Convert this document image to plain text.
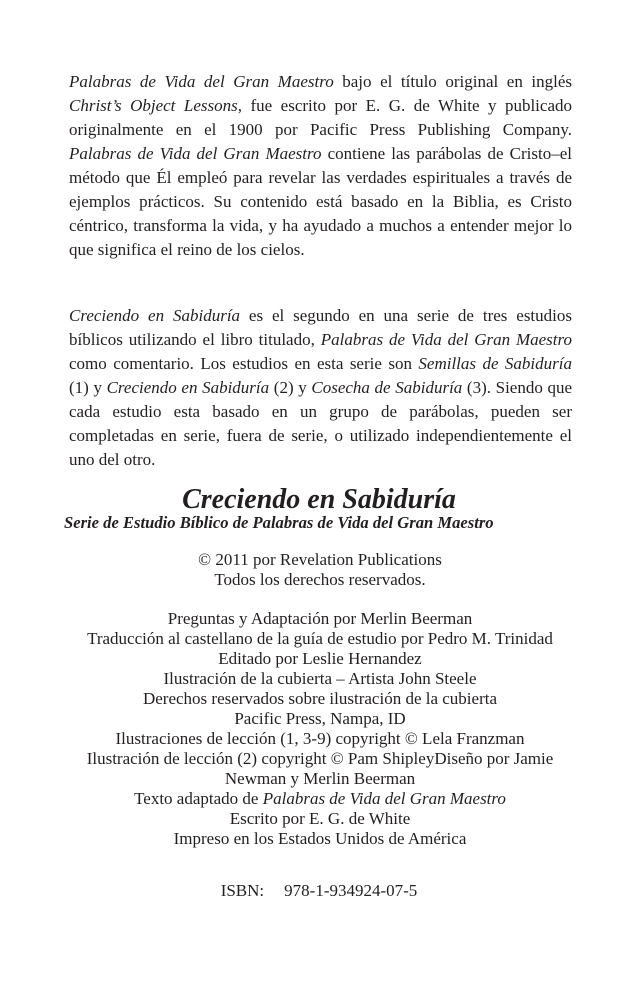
Palabras de Vida del Gran Maestro bajo el título original en inglés Christ’s Object Lessons, fue escrito por E. G. de White y publicado originalmente en el 1900 por Pacific Press Publishing Company. Palabras de Vida del Gran Maestro contiene las parábolas de Cristo–el método que Él empleó para revelar las verdades espirituales a través de ejemplos prácticos. Su contenido está basado en la Biblia, es Cristo céntrico, transforma la vida, y ha ayudado a muchos a entender mejor lo que significa el reino de los cielos.

Creciendo en Sabiduría es el segundo en una serie de tres estudios bíblicos utilizando el libro titulado, Palabras de Vida del Gran Maestro como comentario. Los estudios en esta serie son Semillas de Sabiduría (1) y Creciendo en Sabiduría (2) y Cosecha de Sabiduría (3). Siendo que cada estudio esta basado en un grupo de parábolas, pueden ser completadas en serie, fuera de serie, o utilizado independientemente el uno del otro.

Creciendo en Sabiduría
Serie de Estudio Bíblico de Palabras de Vida del Gran Maestro
© 2011 por Revelation Publications
Todos los derechos reservados.
Preguntas y Adaptación por Merlin Beerman
Traducción al castellano de la guía de estudio por Pedro M. Trinidad
Editado por Leslie Hernandez
Ilustración de la cubierta – Artista John Steele
Derechos reservados sobre ilustración de la cubierta
Pacific Press, Nampa, ID
Ilustraciones de lección (1, 3-9) copyright © Lela Franzman
Ilustración de lección (2) copyright © Pam ShipleyDiseño por Jamie Newman y Merlin Beerman
Texto adaptado de Palabras de Vida del Gran Maestro
Escrito por E. G. de White
Impreso en los Estados Unidos de América
ISBN: 978-1-934924-07-5
